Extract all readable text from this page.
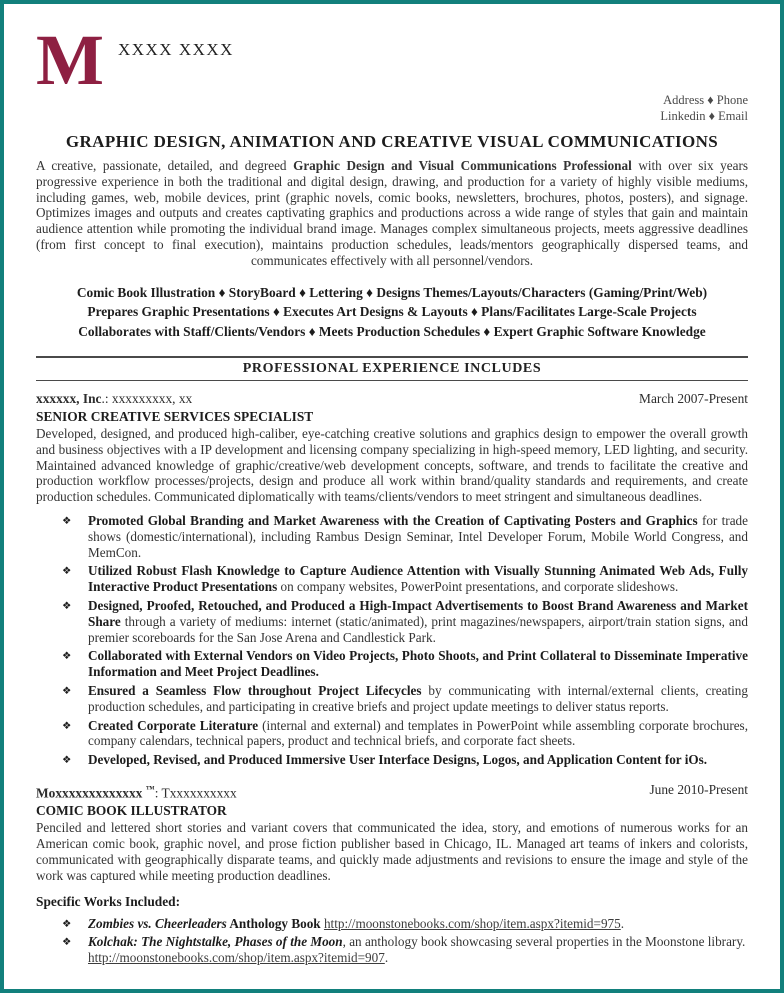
M XXXX XXXX
Address ♦ Phone
Linkedin ♦ Email
GRAPHIC DESIGN, ANIMATION AND CREATIVE VISUAL COMMUNICATIONS

A creative, passionate, detailed, and degreed Graphic Design and Visual Communications Professional with over six years progressive experience in both the traditional and digital design, drawing, and production for a variety of highly visible mediums, including games, web, mobile devices, print (graphic novels, comic books, newsletters, brochures, photos, posters), and signage. Optimizes images and outputs and creates captivating graphics and productions across a wide range of styles that gain and maintain audience attention while promoting the individual brand image. Manages complex simultaneous projects, meets aggressive deadlines (from first concept to final execution), maintains production schedules, leads/mentors geographically dispersed teams, and communicates effectively with all personnel/vendors.

Comic Book Illustration ♦ StoryBoard ♦ Lettering ♦ Designs Themes/Layouts/Characters (Gaming/Print/Web)
Prepares Graphic Presentations ♦ Executes Art Designs & Layouts ♦ Plans/Facilitates Large-Scale Projects
Collaborates with Staff/Clients/Vendors ♦ Meets Production Schedules ♦ Expert Graphic Software Knowledge
PROFESSIONAL EXPERIENCE INCLUDES
xxxxxx, Inc.: xxxxxxxxx, xx	March 2007-Present
SENIOR CREATIVE SERVICES SPECIALIST

Developed, designed, and produced high-caliber, eye-catching creative solutions and graphics design to empower the overall growth and business objectives with a IP development and licensing company specializing in high-speed memory, LED lighting, and security. Maintained advanced knowledge of graphic/creative/web development concepts, software, and trends to facilitate the creative and production workflow processes/projects, design and produce all work within brand/quality standards and requirements, and create production schedules. Communicated diplomatically with teams/clients/vendors to meet stringent and simultaneous deadlines.

❖	Promoted Global Branding and Market Awareness with the Creation of Captivating Posters and Graphics for trade shows (domestic/international), including Rambus Design Seminar, Intel Developer Forum, Mobile World Congress, and MemCon.
❖	Utilized Robust Flash Knowledge to Capture Audience Attention with Visually Stunning Animated Web Ads, Fully Interactive Product Presentations on company websites, PowerPoint presentations, and corporate slideshows.
❖	Designed, Proofed, Retouched, and Produced a High-Impact Advertisements to Boost Brand Awareness and Market Share through a variety of mediums: internet (static/animated), print magazines/newspapers, airport/train station signs, and premier scoreboards for the San Jose Arena and Candlestick Park.
❖	Collaborated with External Vendors on Video Projects, Photo Shoots, and Print Collateral to Disseminate Imperative Information and Meet Project Deadlines.
❖	Ensured a Seamless Flow throughout Project Lifecycles by communicating with internal/external clients, creating production schedules, and participating in creative briefs and project update meetings to deliver status reports.
❖	Created Corporate Literature (internal and external) and templates in PowerPoint while assembling corporate brochures, company calendars, technical papers, product and technical briefs, and corporate fact sheets.
❖	Developed, Revised, and Produced Immersive User Interface Designs, Logos, and Application Content for iOs.
Moxxxxxxxxxxxxx ™: Txxxxxxxxxx	June 2010-Present
COMIC BOOK ILLUSTRATOR

Penciled and lettered short stories and variant covers that communicated the idea, story, and emotions of numerous works for an American comic book, graphic novel, and prose fiction publisher based in Chicago, IL. Managed art teams of inkers and colorists, communicated with geographically disparate teams, and quickly made adjustments and revisions to ensure the image and style of the work was captured while meeting production deadlines.

Specific Works Included:
❖	Zombies vs. Cheerleaders Anthology Book http://moonstonebooks.com/shop/item.aspx?itemid=975.
❖	Kolchak: The Nightstalke, Phases of the Moon, an anthology book showcasing several properties in the Moonstone library. http://moonstonebooks.com/shop/item.aspx?itemid=907.
